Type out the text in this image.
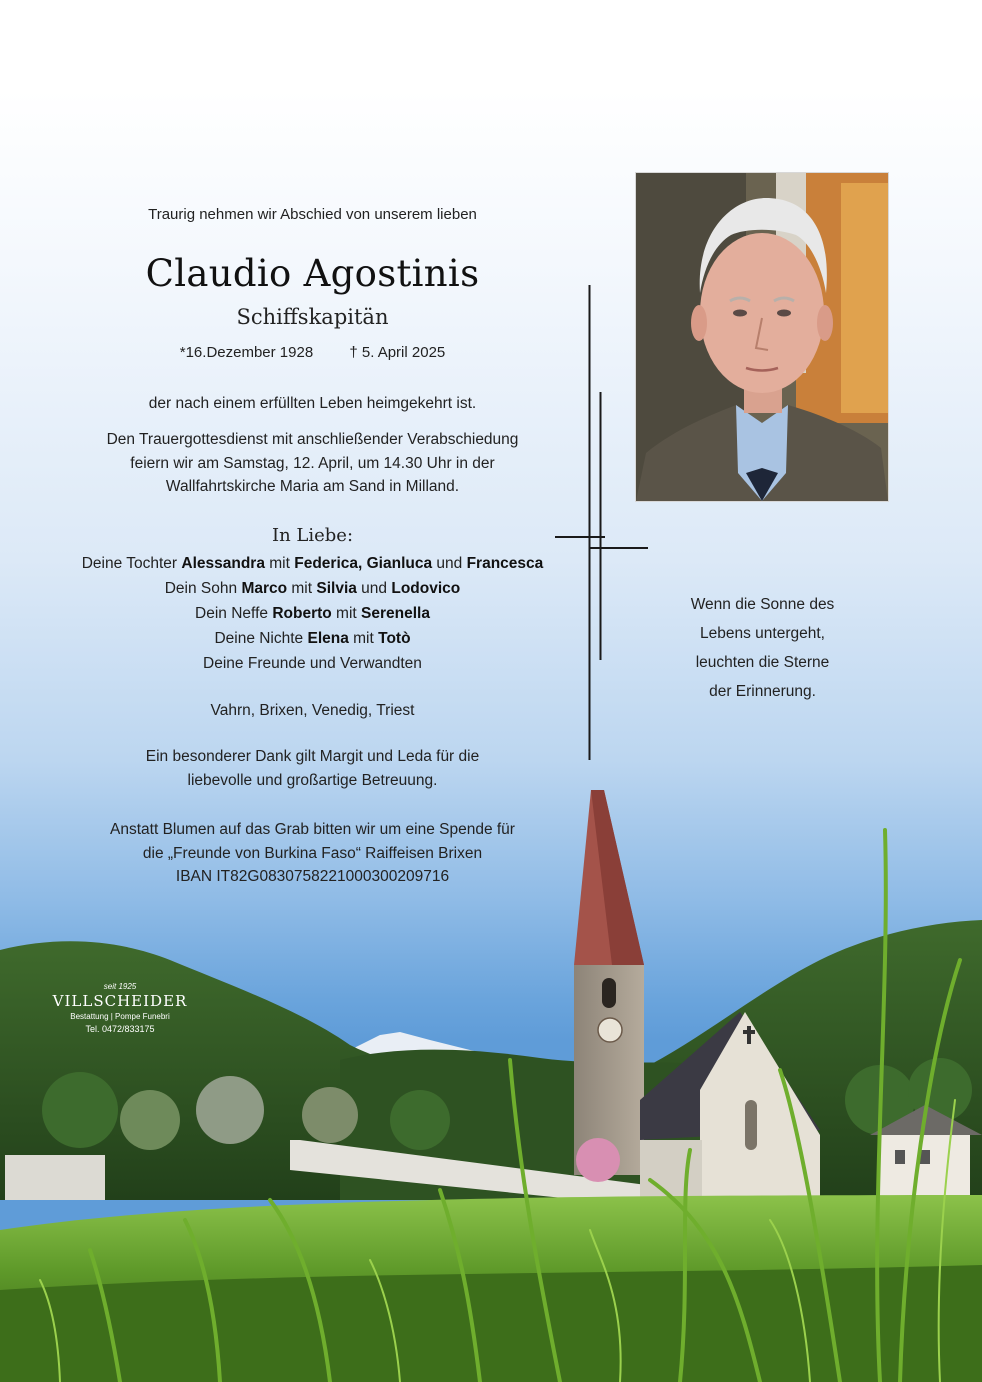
Traurig nehmen wir Abschied von unserem lieben
Claudio Agostinis
Schiffskapitän
*16.Dezember 1928 † 5. April 2025
der nach einem erfüllten Leben heimgekehrt ist.
Den Trauergottesdienst mit anschließender Verabschiedung
feiern wir am Samstag, 12. April, um 14.30 Uhr in der
Wallfahrtskirche Maria am Sand in Milland.
In Liebe:
Deine Tochter Alessandra mit Federica, Gianluca und Francesca
Dein Sohn Marco mit Silvia und Lodovico
Dein Neffe Roberto mit Serenella
Deine Nichte Elena mit Totò
Deine Freunde und Verwandten
Vahrn, Brixen, Venedig, Triest
Ein besonderer Dank gilt Margit und Leda für die
liebevolle und großartige Betreuung.
Anstatt Blumen auf das Grab bitten wir um eine Spende für
die „Freunde von Burkina Faso“ Raiffeisen Brixen
IBAN IT82G0830758221000300209716
Wenn die Sonne des
Lebens untergeht,
leuchten die Sterne
der Erinnerung.
seit 1925
VILLSCHEIDER
Bestattung | Pompe Funebri
Tel. 0472/833175
